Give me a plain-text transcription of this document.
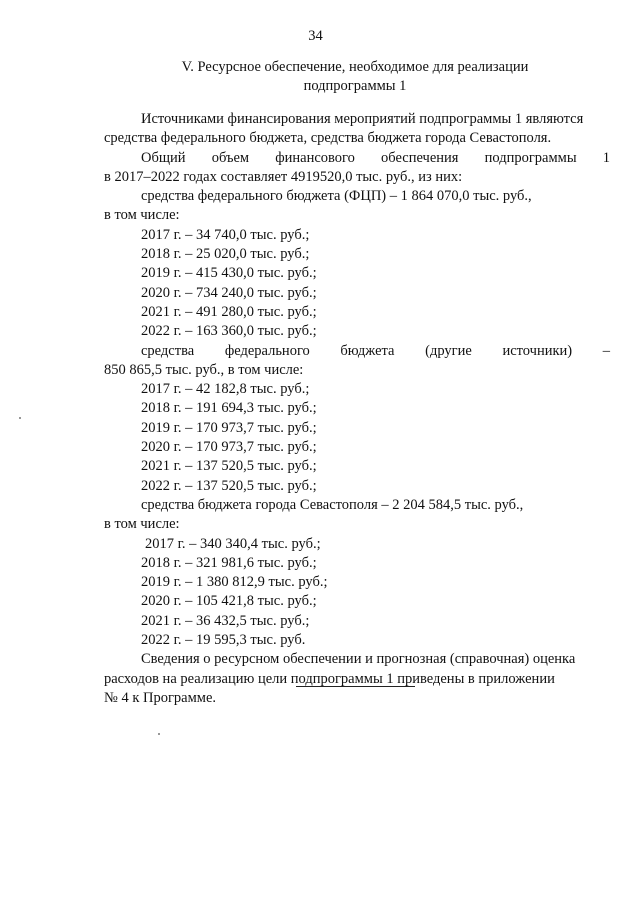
34
V. Ресурсное обеспечение, необходимое для реализации
подпрограммы 1
Источниками финансирования мероприятий подпрограммы 1 являются
средства федерального бюджета, средства бюджета города Севастополя.
Общий объем финансового обеспечения подпрограммы 1
в 2017–2022 годах составляет 4919520,0 тыс. руб., из них:
средства федерального бюджета (ФЦП) – 1 864 070,0 тыс. руб.,
в том числе:
2017 г. – 34 740,0 тыс. руб.;
2018 г. – 25 020,0 тыс. руб.;
2019 г. – 415 430,0 тыс. руб.;
2020 г. – 734 240,0 тыс. руб.;
2021 г. – 491 280,0 тыс. руб.;
2022 г. – 163 360,0 тыс. руб.;
средства федерального бюджета (другие источники) –
850 865,5 тыс. руб., в том числе:
2017 г. – 42 182,8 тыс. руб.;
2018 г. – 191 694,3 тыс. руб.;
2019 г. – 170 973,7 тыс. руб.;
2020 г. – 170 973,7 тыс. руб.;
2021 г. – 137 520,5 тыс. руб.;
2022 г. – 137 520,5 тыс. руб.;
средства бюджета города Севастополя – 2 204 584,5 тыс. руб.,
в том числе:
2017 г. – 340 340,4 тыс. руб.;
2018 г. – 321 981,6 тыс. руб.;
2019 г. – 1 380 812,9 тыс. руб.;
2020 г. – 105 421,8 тыс. руб.;
2021 г. – 36 432,5 тыс. руб.;
2022 г. – 19 595,3 тыс. руб.
Сведения о ресурсном обеспечении и прогнозная (справочная) оценка
расходов на реализацию цели подпрограммы 1 приведены в приложении
№ 4 к Программе.
